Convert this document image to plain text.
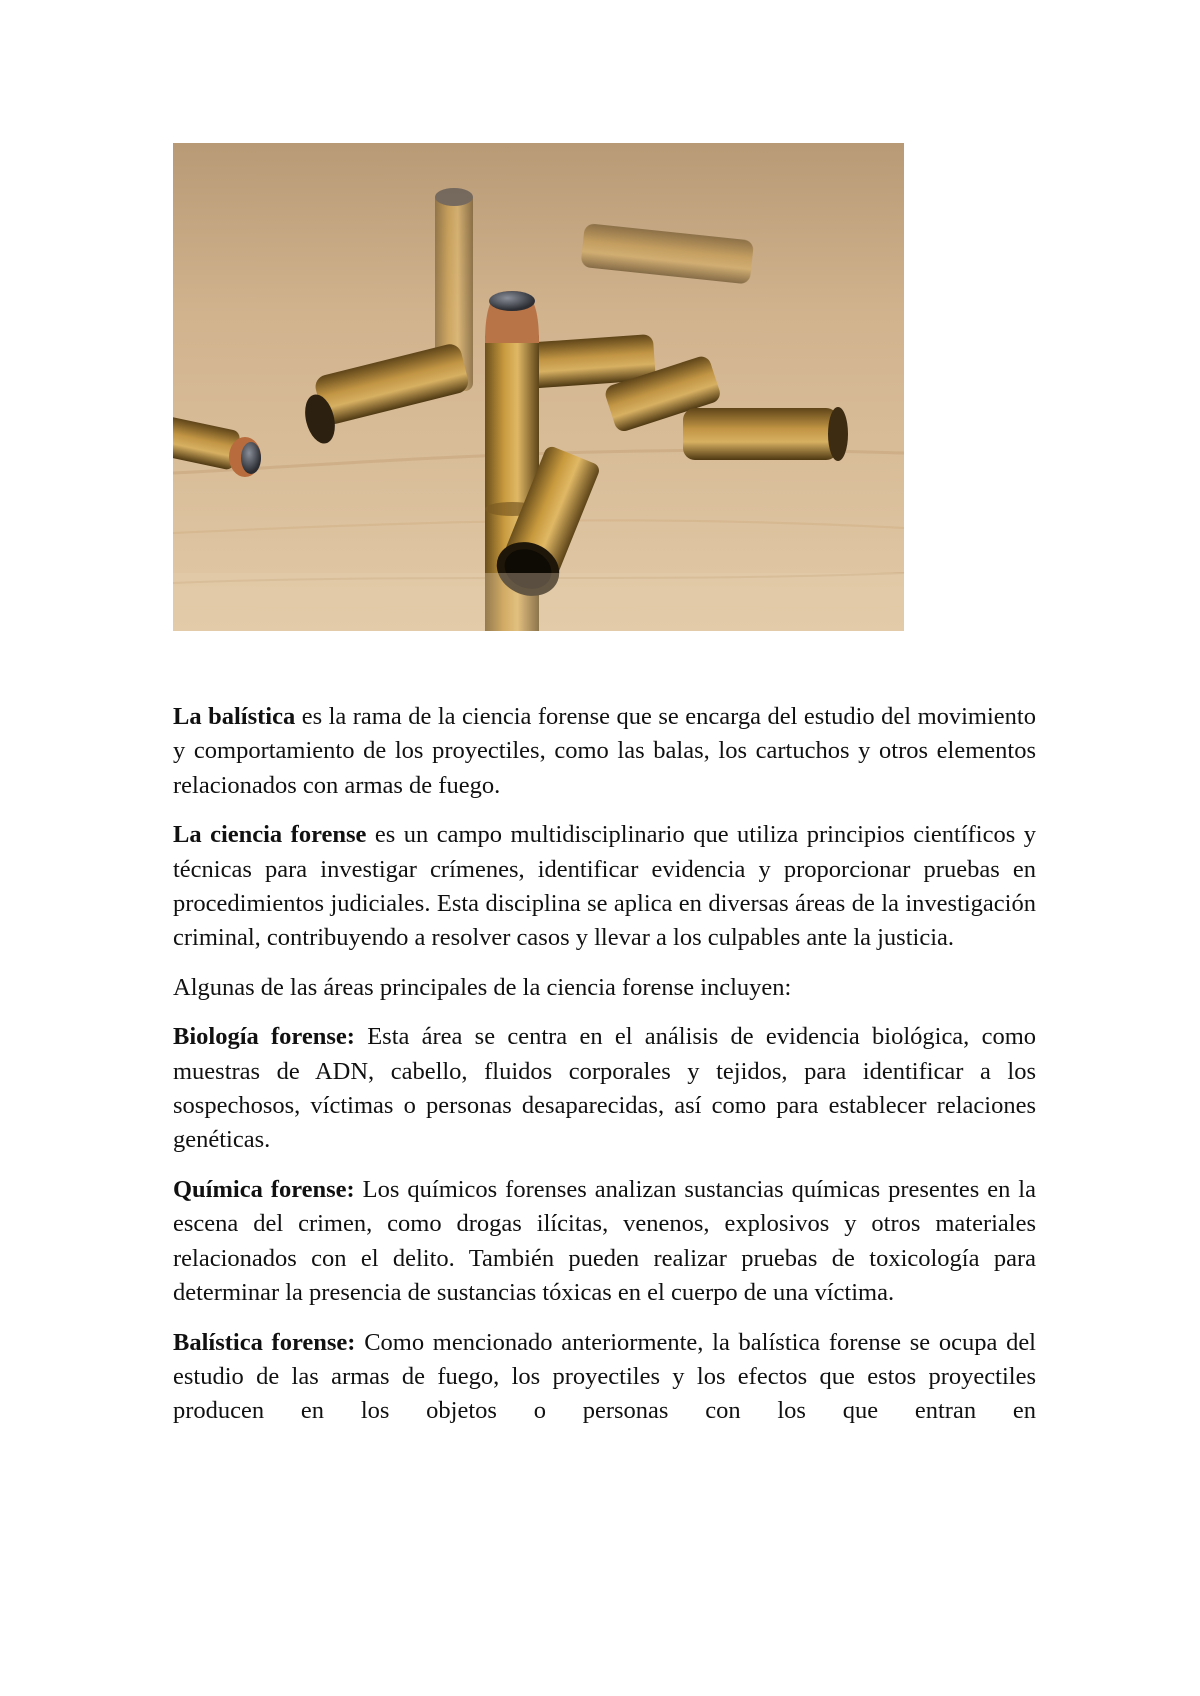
La balística es la rama de la ciencia forense que se encarga del estudio del movimiento y comportamiento de los proyectiles, como las balas, los cartuchos y otros elementos relacionados con armas de fuego.

La ciencia forense es un campo multidisciplinario que utiliza principios científicos y técnicas para investigar crímenes, identificar evidencia y proporcionar pruebas en procedimientos judiciales. Esta disciplina se aplica en diversas áreas de la investigación criminal, contribuyendo a resolver casos y llevar a los culpables ante la justicia.

Algunas de las áreas principales de la ciencia forense incluyen:

Biología forense: Esta área se centra en el análisis de evidencia biológica, como muestras de ADN, cabello, fluidos corporales y tejidos, para identificar a los sospechosos, víctimas o personas desaparecidas, así como para establecer relaciones genéticas.

Química forense: Los químicos forenses analizan sustancias químicas presentes en la escena del crimen, como drogas ilícitas, venenos, explosivos y otros materiales relacionados con el delito. También pueden realizar pruebas de toxicología para determinar la presencia de sustancias tóxicas en el cuerpo de una víctima.

Balística forense: Como mencionado anteriormente, la balística forense se ocupa del estudio de las armas de fuego, los proyectiles y los efectos que estos proyectiles producen en los objetos o personas con los que entran en
